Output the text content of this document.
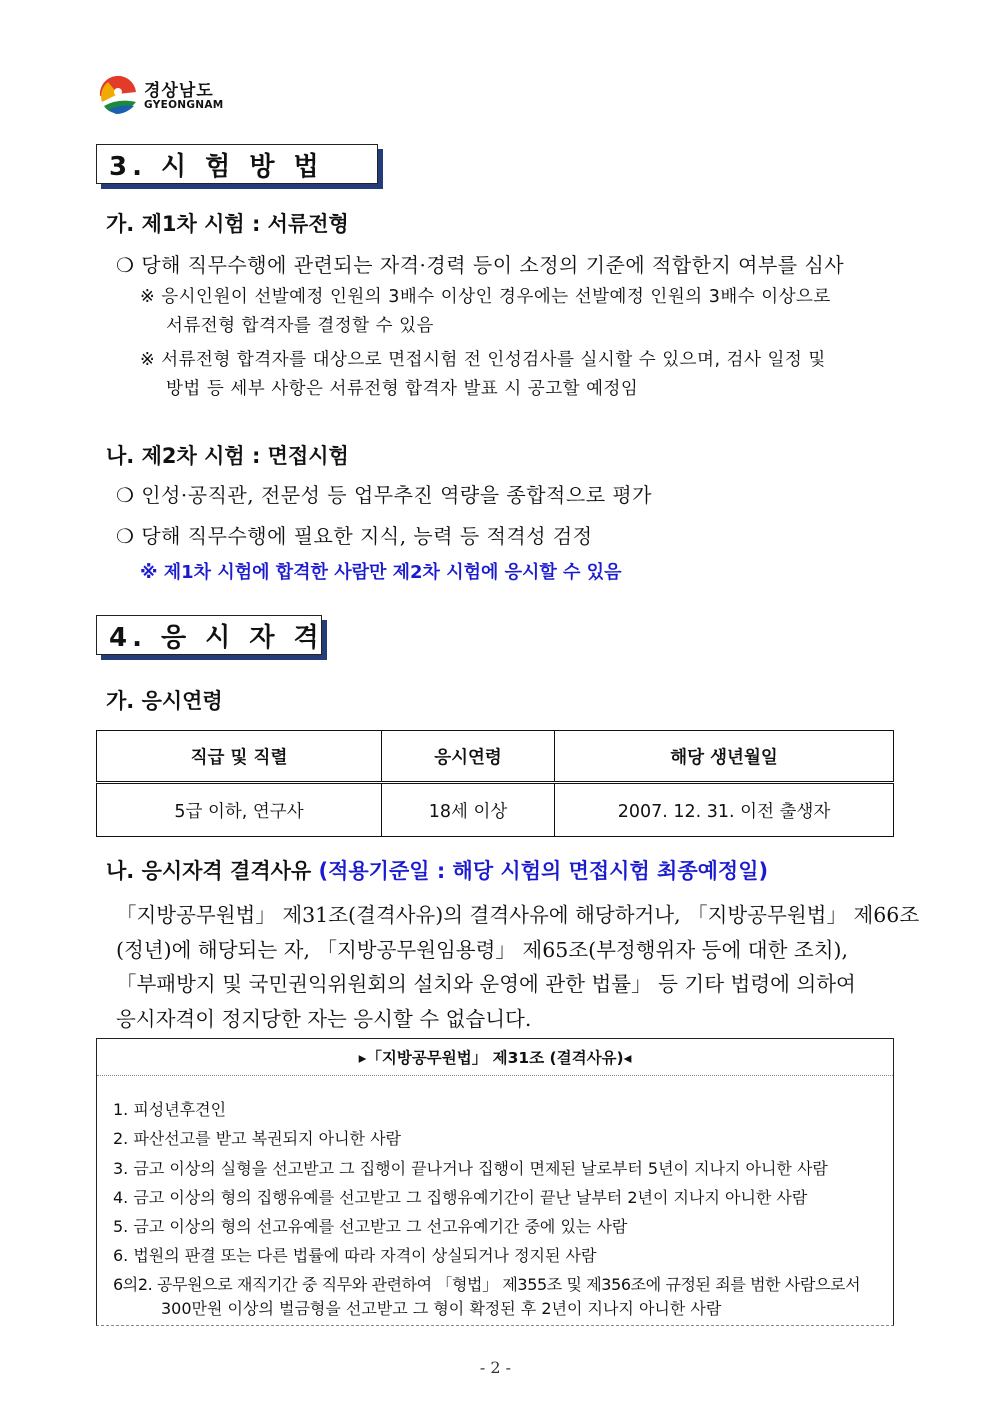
경상남도
GYEONGNAM
3. 시 험 방 법
가. 제1차 시험 : 서류전형
❍ 당해 직무수행에 관련되는 자격·경력 등이 소정의 기준에 적합한지 여부를 심사
※ 응시인원이 선발예정 인원의 3배수 이상인 경우에는 선발예정 인원의 3배수 이상으로
서류전형 합격자를 결정할 수 있음
※ 서류전형 합격자를 대상으로 면접시험 전 인성검사를 실시할 수 있으며, 검사 일정 및
방법 등 세부 사항은 서류전형 합격자 발표 시 공고할 예정임
나. 제2차 시험 : 면접시험
❍ 인성·공직관, 전문성 등 업무추진 역량을 종합적으로 평가
❍ 당해 직무수행에 필요한 지식, 능력 등 적격성 검정
※ 제1차 시험에 합격한 사람만 제2차 시험에 응시할 수 있음
4. 응 시 자 격
가. 응시연령
직급 및 직렬	응시연령	해당 생년월일
5급 이하, 연구사	18세 이상	2007. 12. 31. 이전 출생자
나. 응시자격 결격사유 (적용기준일 : 해당 시험의 면접시험 최종예정일)
「지방공무원법」 제31조(결격사유)의 결격사유에 해당하거나, 「지방공무원법」 제66조
(정년)에 해당되는 자, 「지방공무원임용령」 제65조(부정행위자 등에 대한 조치),
「부패방지 및 국민권익위원회의 설치와 운영에 관한 법률」 등 기타 법령에 의하여
응시자격이 정지당한 자는 응시할 수 없습니다.
▸「지방공무원법」 제31조 (결격사유)◂
1. 피성년후견인
2. 파산선고를 받고 복권되지 아니한 사람
3. 금고 이상의 실형을 선고받고 그 집행이 끝나거나 집행이 면제된 날로부터 5년이 지나지 아니한 사람
4. 금고 이상의 형의 집행유예를 선고받고 그 집행유예기간이 끝난 날부터 2년이 지나지 아니한 사람
5. 금고 이상의 형의 선고유예를 선고받고 그 선고유예기간 중에 있는 사람
6. 법원의 판결 또는 다른 법률에 따라 자격이 상실되거나 정지된 사람
6의2. 공무원으로 재직기간 중 직무와 관련하여 「형법」 제355조 및 제356조에 규정된 죄를 범한 사람으로서
300만원 이상의 벌금형을 선고받고 그 형이 확정된 후 2년이 지나지 아니한 사람
- 2 -
